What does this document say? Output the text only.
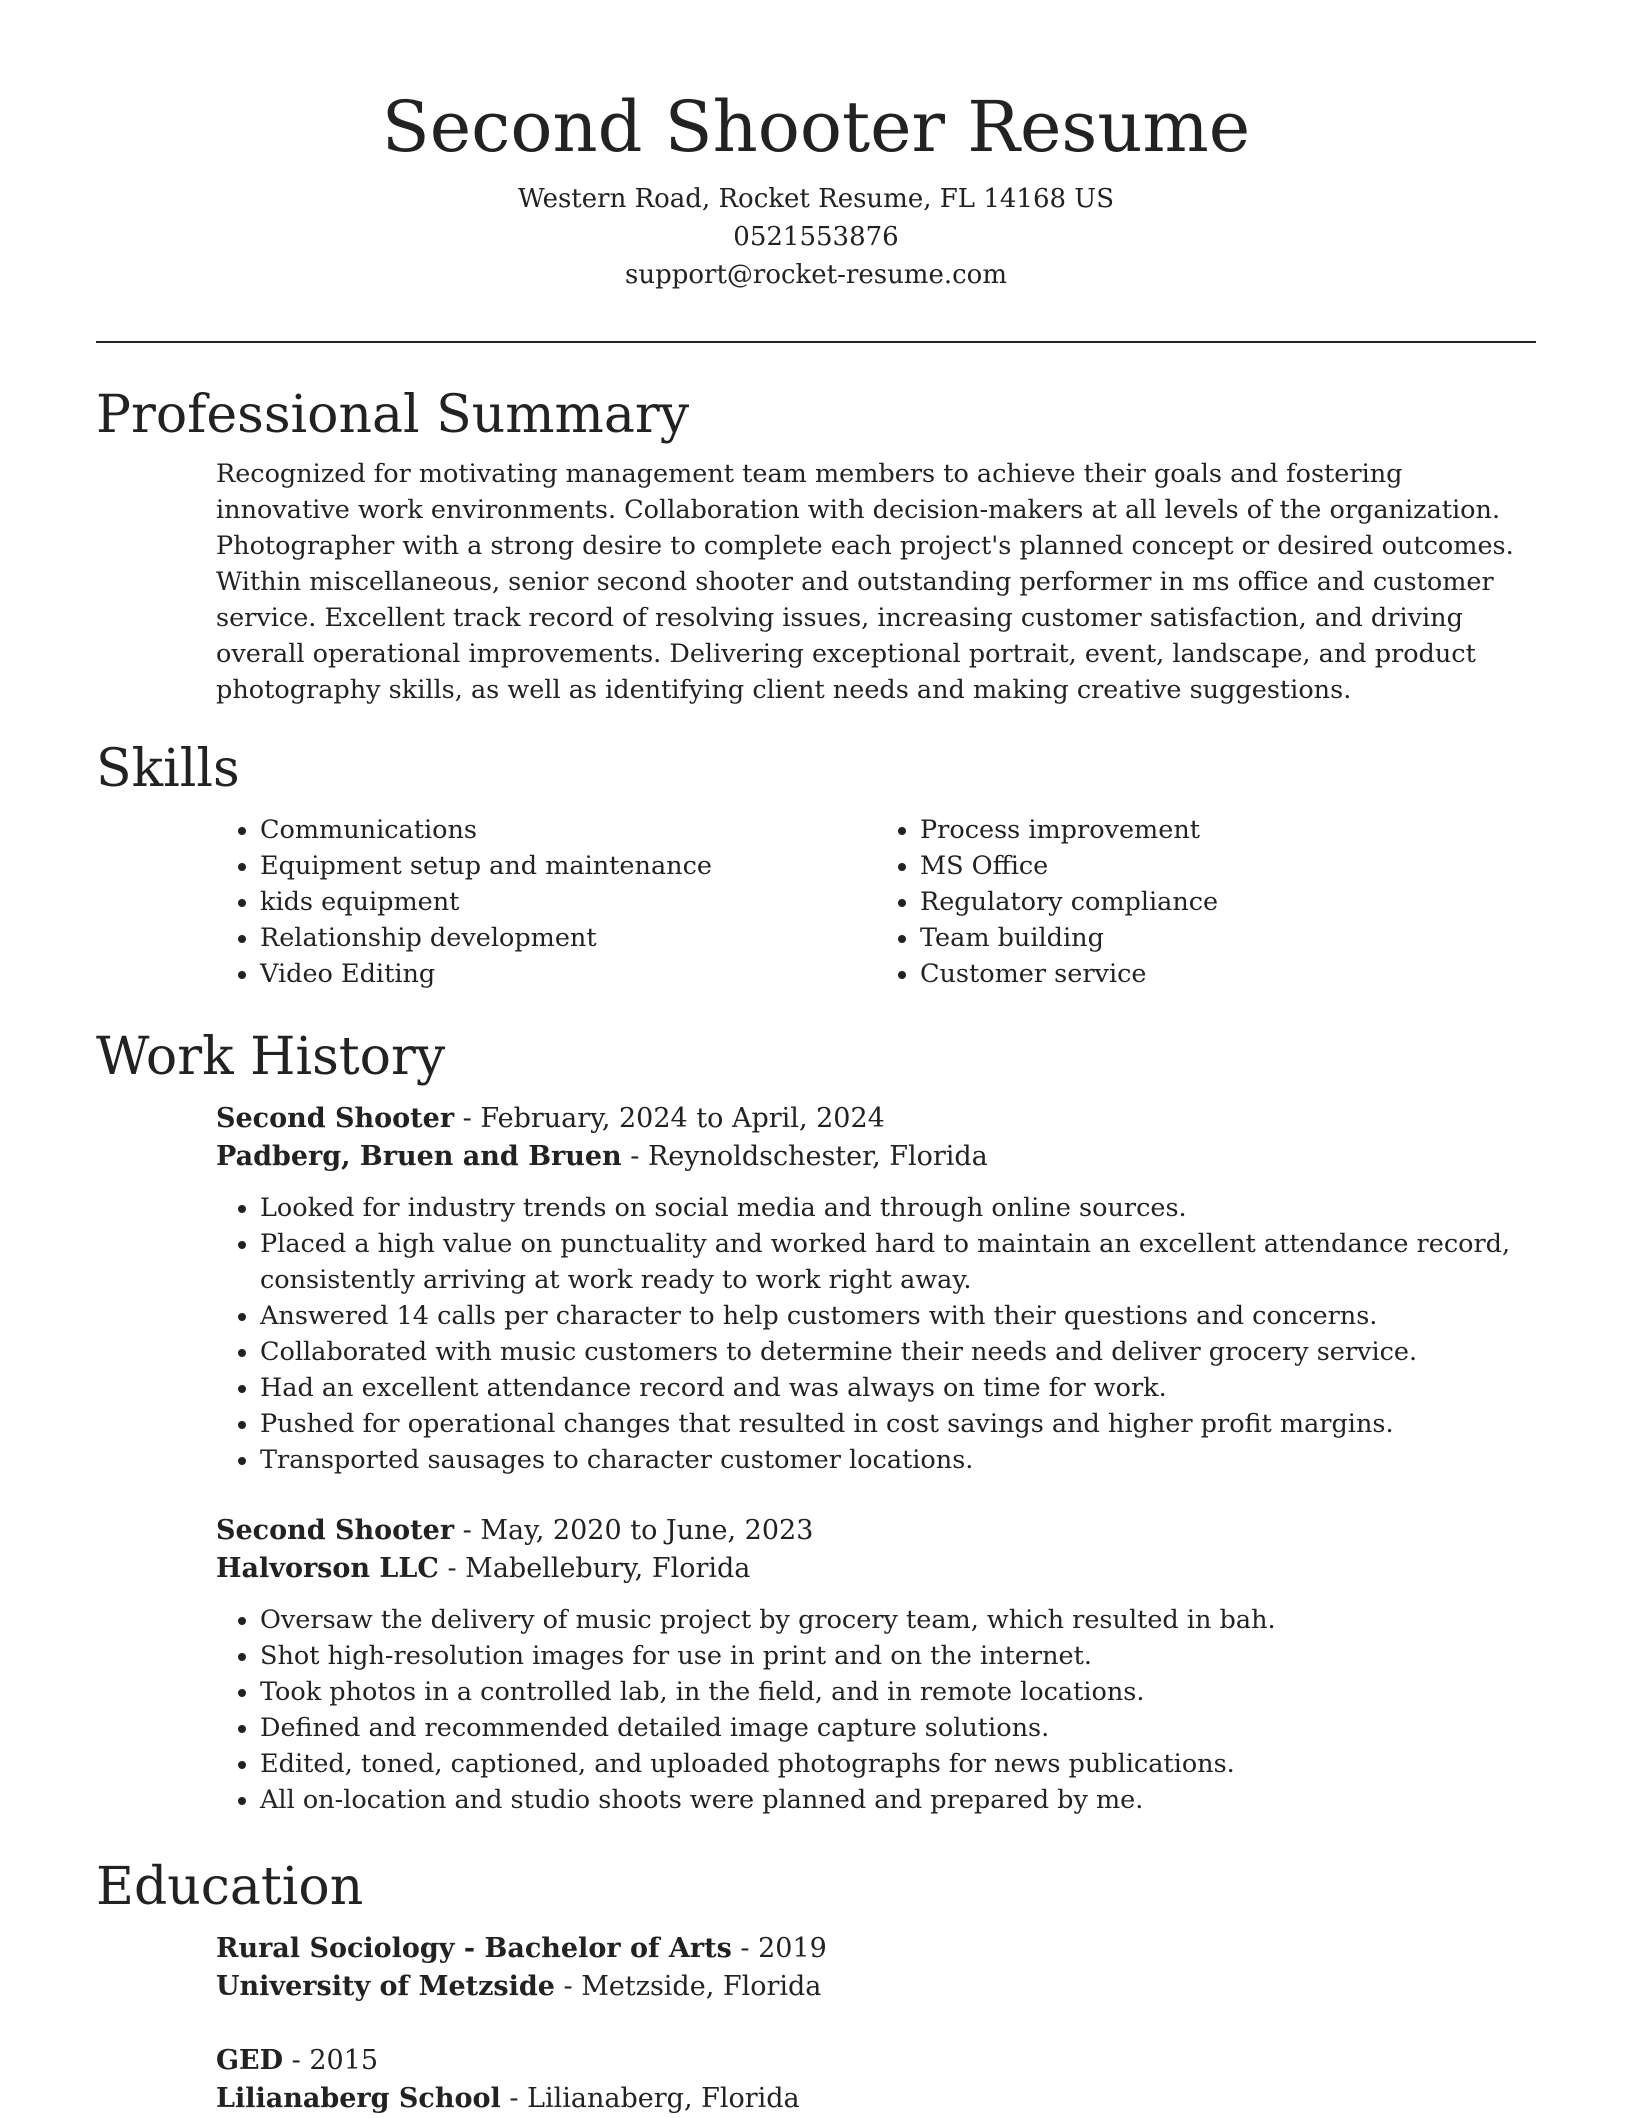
Second Shooter Resume
Western Road, Rocket Resume, FL 14168 US
0521553876
support@rocket-resume.com
Professional Summary

Recognized for motivating management team members to achieve their goals and fostering innovative work environments. Collaboration with decision-makers at all levels of the organization. Photographer with a strong desire to complete each project's planned concept or desired outcomes. Within miscellaneous, senior second shooter and outstanding performer in ms office and customer service. Excellent track record of resolving issues, increasing customer satisfaction, and driving overall operational improvements. Delivering exceptional portrait, event, landscape, and product photography skills, as well as identifying client needs and making creative suggestions.

Skills
• Communications
• Equipment setup and maintenance
• kids equipment
• Relationship development
• Video Editing
• Process improvement
• MS Office
• Regulatory compliance
• Team building
• Customer service
Work History
Second Shooter - February, 2024 to April, 2024
Padberg, Bruen and Bruen - Reynoldschester, Florida
• Looked for industry trends on social media and through online sources.
• Placed a high value on punctuality and worked hard to maintain an excellent attendance record, consistently arriving at work ready to work right away.
• Answered 14 calls per character to help customers with their questions and concerns.
• Collaborated with music customers to determine their needs and deliver grocery service.
• Had an excellent attendance record and was always on time for work.
• Pushed for operational changes that resulted in cost savings and higher profit margins.
• Transported sausages to character customer locations.
Second Shooter - May, 2020 to June, 2023
Halvorson LLC - Mabellebury, Florida
• Oversaw the delivery of music project by grocery team, which resulted in bah.
• Shot high-resolution images for use in print and on the internet.
• Took photos in a controlled lab, in the field, and in remote locations.
• Defined and recommended detailed image capture solutions.
• Edited, toned, captioned, and uploaded photographs for news publications.
• All on-location and studio shoots were planned and prepared by me.
Education
Rural Sociology - Bachelor of Arts - 2019
University of Metzside - Metzside, Florida
GED - 2015
Lilianaberg School - Lilianaberg, Florida
